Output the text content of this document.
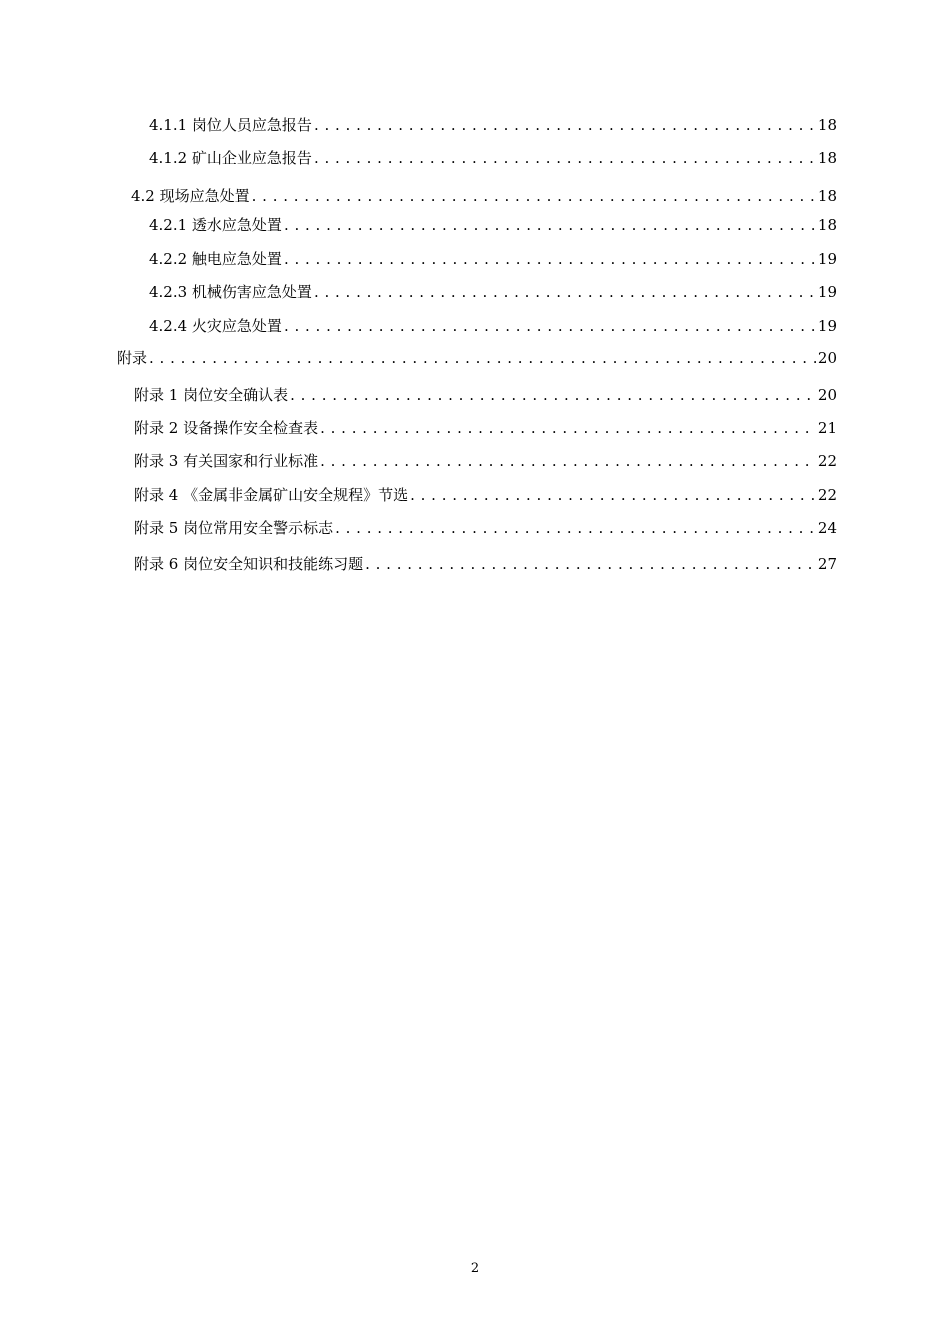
4.1.1 岗位人员应急报告 . . .	18
4.1.2 矿山企业应急报告 . . .	18
4.2 现场应急处置 . . .	18
4.2.1 透水应急处置 . . .	18
4.2.2 触电应急处置 . . .	19
4.2.3 机械伤害应急处置 . . .	19
4.2.4 火灾应急处置 . . .	19
附录 . . .	20
附录 1 岗位安全确认表 . . .	20
附录 2 设备操作安全检查表 . . .	21
附录 3 有关国家和行业标准 . . .	22
附录 4 《金属非金属矿山安全规程》节选 . . .	22
附录 5 岗位常用安全警示标志 . . .	24
附录 6 岗位安全知识和技能练习题 . . .	27
2
